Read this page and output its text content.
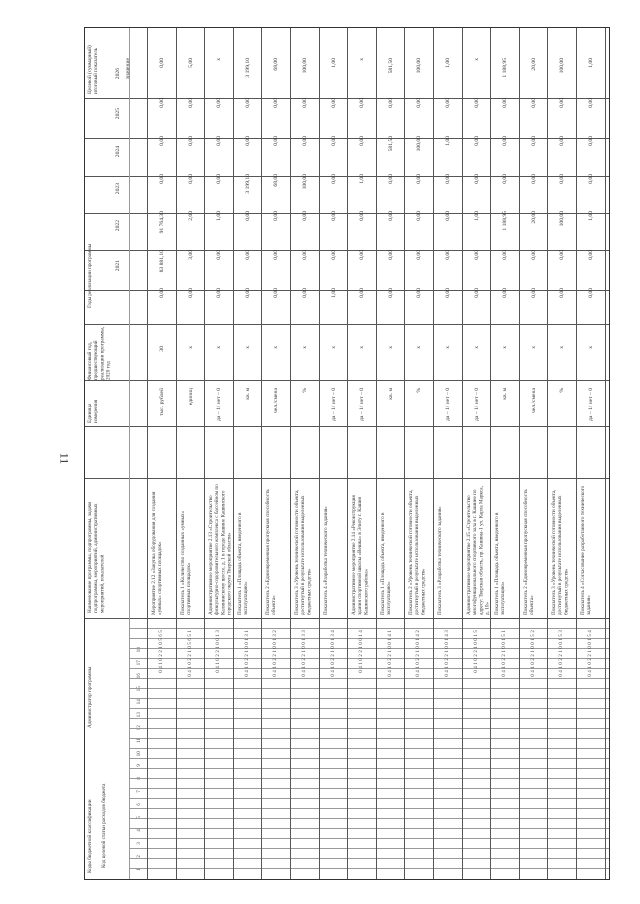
11
Коды бюджетной классификации	Код целевой статьи расходов бюджета
Администратор программы
Наименование программы, подпрограммы, задачи подпрограммы, мероприятий, административных мероприятий, показателей
Единица измерения
Финансовый год, предшествующий реализации программы, 2020 год
Годы реализации программы
Целевой (суммарный) итоговый показатель	значение
2021
2022
2023
2024
2025
2026
1
2
3
4
5
6
7
8
9
10
11
12
13
14
15
16
17
18
Мероприятие 2.12 «Закупка оборудования для создания «умных» спортивных площадок»
тыс. рублей
30
0,00
83 881,10
91 764,30
0,00
0,00
0,00
0,00
0 4 1 0 2 2 1 0 5 6 5
Показатель 1 «Количество созданных «умных» спортивных площадок»
единиц
х
0,00
3,00
2,00
0,00
0,00
0,00
5,00
0 4 1 0 2 2 1 0 5 6 5 1
Административное мероприятие 2.13 «Строительство физкультурно-оздоровительного комплекса с бассейном по Калининскому шоссе, д. 1 в городе Кашине Кашинского городского округа Тверской области»
да – 1/ нет – 0
х
0,00
0,00
1,00
0,00
0,00
0,00
х
0 4 1 0 2 2 1 0 0 1 3
Показатель 1 «Площадь объекта, введенного в эксплуатацию»
кв. м
х
0,00
0,00
0,00
3 199,10
0,00
0,00
3 199,10
0 4 1 0 2 2 1 0 0 1 3 1
Показатель 2 «Единовременная пропускная способность объекта»
чел./смена
х
0,00
0,00
0,00
68,00
0,00
0,00
68,00
0 4 1 0 2 2 1 0 0 1 3 2
Показатель 3 «Уровень технической готовности объекта, достигнутый в результате использования выделенных бюджетных средств»
%
х
0,00
0,00
0,00
100,00
0,00
0,00
100,00
0 4 1 0 2 2 1 0 0 1 3 3
Показатель 4 «Разработка технического задания»
да – 1/ нет – 0
х
1,00
0,00
0,00
0,00
0,00
0,00
1,00
0 4 1 0 2 2 1 0 0 1 3 4
Административное мероприятие 2.14 «Реконструкция здания спортивной школы «Вешка» в Элиту г. Кашин Кашинского района»
да – 1/ нет – 0
х
0,00
0,00
0,00
1,00
0,00
0,00
х
0 4 1 0 2 2 1 0 0 1 4
Показатель 1 «Площадь объекта, введенного в эксплуатацию»
кв. м
х
0,00
0,00
0,00
0,00
581,50
0,00
581,50
0 4 1 0 2 2 1 0 0 1 4 1
Показатель 2 «Уровень технической готовности объекта, достигнутый в результате использования выделенных бюджетных средств»
%
х
0,00
0,00
0,00
0,00
100,00
0,00
100,00
0 4 1 0 2 2 1 0 0 1 4 2
Показатель 3 «Разработка технического задания»
да – 1/ нет – 0
х
0,00
0,00
0,00
0,00
1,00
0,00
1,00
0 4 1 0 2 2 1 0 0 1 4 3
Административное мероприятие 2.15 «Строительство многофункционального спортивного зала в г. Кашине по адресу: Тверская область, пр. Кашина-1 ул. Карла Маркса, д. 10»
да – 1/ нет – 0
х
0,00
0,00
1,00
0,00
0,00
0,00
х
0 4 1 0 2 2 1 0 0 1 5
Показатель 1 «Площадь объекта, введенного в эксплуатацию»
кв. м
х
0,00
0,00
1 188,95
0,00
0,00
0,00
1 188,95
0 4 1 0 2 2 1 0 0 1 5 1
Показатель 2 «Единовременная пропускная способность объекта»
чел./смена
х
0,00
0,00
20,00
0,00
0,00
0,00
20,00
0 4 1 0 2 2 1 0 0 1 5 2
Показатель 3 «Уровень технической готовности объекта, достигнутый в результате использования выделенных бюджетных средств»
%
х
0,00
0,00
100,00
0,00
0,00
0,00
100,00
0 4 1 0 2 2 1 0 0 1 5 3
Показатель 4 «Согласование разработанного технического задания»
да – 1/ нет – 0
х
0,00
0,00
1,00
0,00
0,00
0,00
1,00
0 4 1 0 2 2 1 0 0 1 5 4
